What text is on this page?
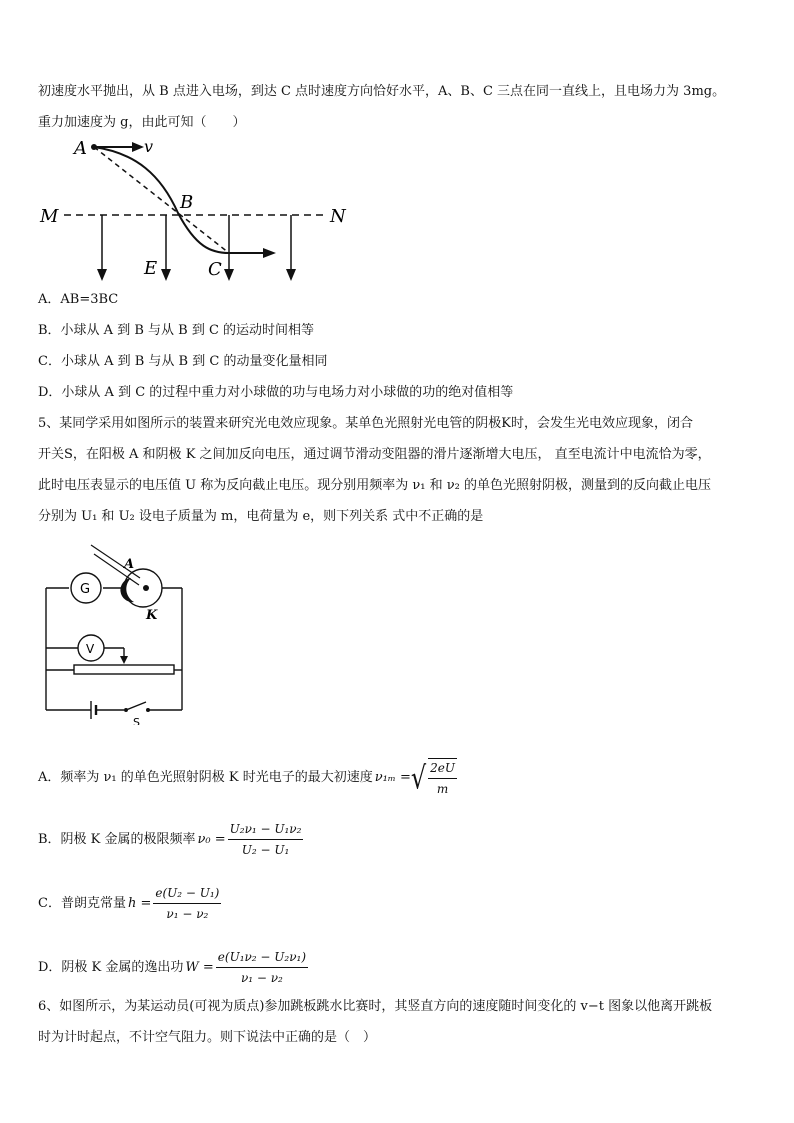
初速度水平抛出，从 B 点进入电场，到达 C 点时速度方向恰好水平，A、B、C 三点在同一直线上，且电场力为 3mg。
重力加速度为 g，由此可知（　　）
A	v
B
M	N
E	C
A．AB=3BC
B．小球从 A 到 B 与从 B 到 C 的运动时间相等
C．小球从 A 到 B 与从 B 到 C 的动量变化量相同
D．小球从 A 到 C 的过程中重力对小球做的功与电场力对小球做的功的绝对值相等
5、某同学采用如图所示的装置来研究光电效应现象。某单色光照射光电管的阴极K时，会发生光电效应现象，闭合
开关S，在阳极 A 和阴极 K 之间加反向电压，通过调节滑动变阻器的滑片逐渐增大电压， 直至电流计中电流恰为零，
此时电压表显示的电压值 U 称为反向截止电压。现分别用频率为 ν₁ 和 ν₂ 的单色光照射阴极，测量到的反向截止电压
分别为 U₁ 和 U₂ 设电子质量为 m，电荷量为 e，则下列关系 式中不正确的是
G
A
K
V
S
A．频率为 ν₁ 的单色光照射阴极 K 时光电子的最大初速度 ν₁ₘ = √ $\frac{2eU}{m}$
B．阴极 K 金属的极限频率 $\nu_0 = \frac{\text{U₂ν₁ − U₁ν₂}}{\text{U₂ − U₁}}$
C．普朗克常量 $h = \frac{\text{e(U₂ − U₁)}}{\text{ν₁ − ν₂}}$
D．阴极 K 金属的逸出功 $W = \frac{\text{e(U₁ν₂ − U₂ν₁)}}{\text{ν₁ − ν₂}}$
6、如图所示，为某运动员(可视为质点)参加跳板跳水比赛时，其竖直方向的速度随时间变化的 v−t 图象以他离开跳板
时为计时起点，不计空气阻力。则下说法中正确的是（　）
